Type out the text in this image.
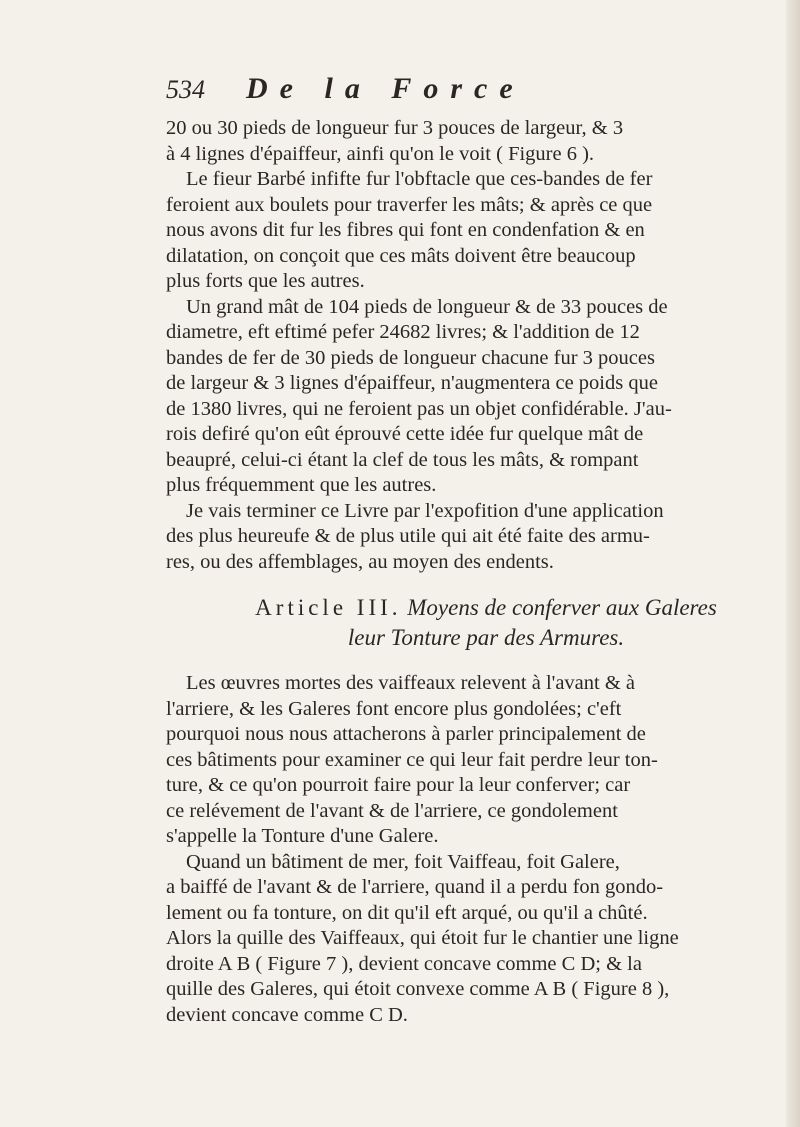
534	De la Force

20 ou 30 pieds de longueur fur 3 pouces de largeur, & 3
à 4 lignes d'épaiffeur, ainfi qu'on le voit ( Figure 6 ).

Le fieur Barbé infifte fur l'obftacle que ces-bandes de fer
feroient aux boulets pour traverfer les mâts; & après ce que
nous avons dit fur les fibres qui font en condenfation & en
dilatation, on conçoit que ces mâts doivent être beaucoup
plus forts que les autres.

Un grand mât de 104 pieds de longueur & de 33 pouces de
diametre, eft eftimé pefer 24682 livres; & l'addition de 12
bandes de fer de 30 pieds de longueur chacune fur 3 pouces
de largeur & 3 lignes d'épaiffeur, n'augmentera ce poids que
de 1380 livres, qui ne feroient pas un objet confidérable. J'au-
rois defiré qu'on eût éprouvé cette idée fur quelque mât de
beaupré, celui-ci étant la clef de tous les mâts, & rompant
plus fréquemment que les autres.

Je vais terminer ce Livre par l'expofition d'une application
des plus heureufe & de plus utile qui ait été faite des armu-
res, ou des affemblages, au moyen des endents.

Article III. Moyens de conferver aux Galeres
leur Tonture par des Armures.

Les œuvres mortes des vaiffeaux relevent à l'avant & à
l'arriere, & les Galeres font encore plus gondolées; c'eft
pourquoi nous nous attacherons à parler principalement de
ces bâtiments pour examiner ce qui leur fait perdre leur ton-
ture, & ce qu'on pourroit faire pour la leur conferver; car
ce relévement de l'avant & de l'arriere, ce gondolement
s'appelle la Tonture d'une Galere.

Quand un bâtiment de mer, foit Vaiffeau, foit Galere,
a baiffé de l'avant & de l'arriere, quand il a perdu fon gondo-
lement ou fa tonture, on dit qu'il eft arqué, ou qu'il a chûté.
Alors la quille des Vaiffeaux, qui étoit fur le chantier une ligne
droite A B ( Figure 7 ), devient concave comme C D; & la
quille des Galeres, qui étoit convexe comme A B ( Figure 8 ),
devient concave comme C D.
